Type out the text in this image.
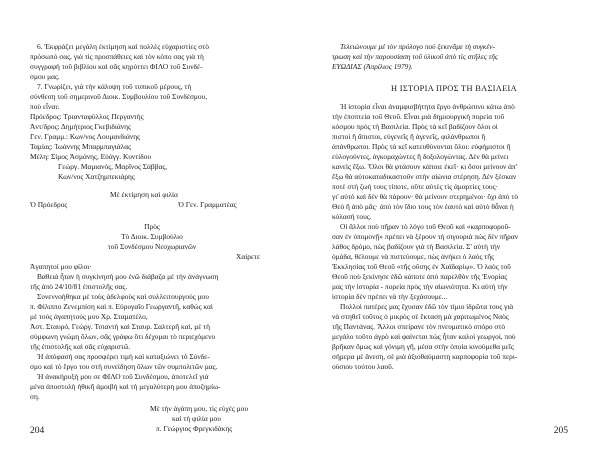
6. Ἐκφράζει μεγάλη ἐκτίμηση καὶ πολλὲς εὐχαριστίες στὸ
πρόσωπό σας, γιὰ τὶς προσπάθειες καὶ τὸν κόπο σας γιὰ τὴ
συγγραφὴ τοῦ βιβλίου καὶ σᾶς κηρύττει ΦΙΛΟ τοῦ Συνδέ-
σμου μας.
7. Γνωρίζει, γιὰ τὴν κάλυψη τοῦ τυπικοῦ μέρους, τὴ
σύνθεση τοῦ σημερινοῦ Διοικ. Συμβουλίου τοῦ Συνδέσμου,
ποὺ εἶναι:
Πρόεδρος: Τριανταφύλλος Περγαντής
Ἀντ/δρος: Δημήτριος Γκεβιδιάνης
Γεν. Γραμμ.: Κων/νος Λουμανδιάνης
Ταμίας: Ἰωάννης Μπαρμπαγιάλας
Μέλη: Σίμος Ἀσμάνης, Εὐάγγ. Κυντίδου
Γεώργ. Μαμιανός, Μαρῖνος Σάββας,
Κων/νος Χατζημπεκιάρης
Μὲ ἐκτίμηση καὶ φιλία
Ὁ Πρόεδρος	Ὁ Γεν. Γραμματέας
Πρὸς
Τὸ Διοικ. Συμβούλιο
τοῦ Συνδέσμου Νεοχωριανῶν
Χαίρετε
Ἀγαπητοί μου φίλοι·
Βαθειά ἦταν ἡ συγκίνησή μου ἐνῶ διάβαζα μὲ τὴν ἀνάγνωση
τῆς ἀπὸ 24/10/81 ἐπιστολῆς σας.
Συνεννοήθηκα μὲ τοὺς ἀδελφοὺς καὶ συλλειτουργούς μου
π. Φίλιππο Ζενεμπίση καὶ π. Εὐρυγαῖο Γεωργαντῆ, καθὼς καὶ
μὲ τοὺς ἀγαπητούς μου Χρ. Σταματέλο,
Ἀστ. Σταυρό, Γεώργ. Τσιαντὴ καὶ Σταυρ. Σαλτερῆ καί, μὲ τὴ
σύμφωνη γνώμη ὅλων, σᾶς γράφω ὅτι δέχομαι τὸ περιεχόμενο
τῆς ἐπιστολῆς καὶ σᾶς εὐχαριστῶ.
Ἡ ἀπόφασή σας προσφέρει τιμὴ καὶ καταξιώνει τὸ Σύνδε-
σμο καὶ τὸ ἔργο του στὴ συνείδηση ὅλων τῶν συμπολιτῶν μας.
Ἡ ἀνακήρυξή μου σε ΦΙΛΟ τοῦ Συνδέσμου, ἀποτελεῖ γιὰ
μένα ἀποστολὴ ἠθικῆ ἀμοιβὴ καὶ τὴ μεγαλύτερη μου ἀποζημίω-
ση.
Μὲ τὴν ἀγάπη μου, τὶς εὐχές μου
καὶ τὴ φιλία μου
π. Γεώργιος Φρεγκιδάκης
204
Τελειώνουμε μὲ τὸν πρόλογο ποὺ ξεκινᾶμε τὴ συγκέν-
τρωση καὶ τὴν παρουσίαση τοῦ ὑλικοῦ ἀπὸ τὶς στῆλες τῆς
ΕΥΩΔΙΑΣ (Ἀπρίλιος 1979).
Η ΙΣΤΟΡΙΑ ΠΡΟΣ ΤΗ ΒΑΣΙΛΕΙΑ
Ἡ ἱστορία εἶναι ἀναμφισβήτητα ἔργο ἀνθρώπινο κάτω ἀπὸ
τὴν ἐποπτεία τοῦ Θεοῦ. Εἶναι μιὰ δημιουργικὴ πορεία τοῦ
κόσμου πρὸς τὴ Βασιλεία. Πρὸς τὰ κεῖ βαδίζουν ὅλοι οἱ
πιστοὶ ἢ ἄπιστοι, εὐγενεῖς ἢ ἀγενεῖς, φιλάνθρωποι ἢ
ἀπάνθρωποι. Πρὸς τὰ κεῖ κατευθύνονται ὅλοι: εὐφήμιστοι ἢ
εὐλογούντες, ἀγκομαχώντες ἢ δοξολογώντας. Δὲν θὰ μείνει
κανεὶς ἔξω. Ὅλοι θὰ φτάσουν κάποιε ἐκεῖ· κι ὅσοι μείνουν ἀπ'
ἔξω θὰ αὐτοκαταδικαστοῦν στὴν αἰώνια στέρηση. Δὲν ξέσκαν
ποτὲ στὴ ζωή τους τίποτε, οὔτε αὐτὲς τὶς ἁμαρτίες τους·
γι' αὐτὸ καὶ δὲν θὰ πάρουν· θὰ μείνουν στερημένοι· ὄχι ἀπὸ τὸ
Θεὸ ἢ ἀπὸ μᾶς· ἀπὸ τὸν ἴδιο τους τὸν ἑαυτὸ καὶ αὐτὸ θἆναι ἡ
κόλασή τους.
Οἱ ἄλλοι ποὺ πῆραν τὸ λόγο τοῦ Θεοῦ καὶ «καρποφοροῦ-
σαν ἐν ὑπομονῇ» πρέπει νὰ ξέρουν τὴ σιγουριὰ πὼς δὲν πῆραν
λάθος δρόμο, πὼς βαδίζουν γιὰ τὴ Βασιλεία. Σ' αὐτὴ τὴν
ὁμάδα, θέλουμε νὰ πιστεύουμε, πὼς ἀνήκει ὁ λαὸς τῆς
Ἐκκλησίας τοῦ Θεοῦ «τῆς οὔσης ἐν Χαϊδαρίῳ». Ὁ λαὸς τοῦ
Θεοῦ ποὺ ξεκίνησε ἐδῶ κάποτε ἀπὸ παρελθὸν τῆς Ἐνορίας
μας τὴν ἱστορία - πορεία πρὸς τὴν αἰωνιότητα. Κι αὐτὴ τὴν
ἱστορία δὲν πρέπει νὰ τὴν ξεχάσουμε...
Πολλοὶ πατέρες μας ἔχυσαν ἐδῶ τὸν τίμιο ἱδρῶτα τους γιὰ
νὰ στηθεῖ τοῦτος ὁ μικρὸς σὲ ἔκταση μὰ χαριτωμένος Ναὸς
τῆς Παντάνας. Ἄλλοι σπείρανε τὸν πνευματικὸ σπόρο στὸ
μεγάλο τοῦτο ἀγρὸ καὶ φαίνεται πὼς ἦταν καλοὶ γεωργοί, ποὺ
βρῆκαν ὅμως καὶ γόνιμη γῆ, μέσα στὴν ὁποία κινούμεθα μεῖς
σήμερα μὲ ἄνεση, σὲ μιὰ ἀξιοθαύμαστη καρποφορία τοῦ περι-
ούσιου τούτου λαοῦ.
205
